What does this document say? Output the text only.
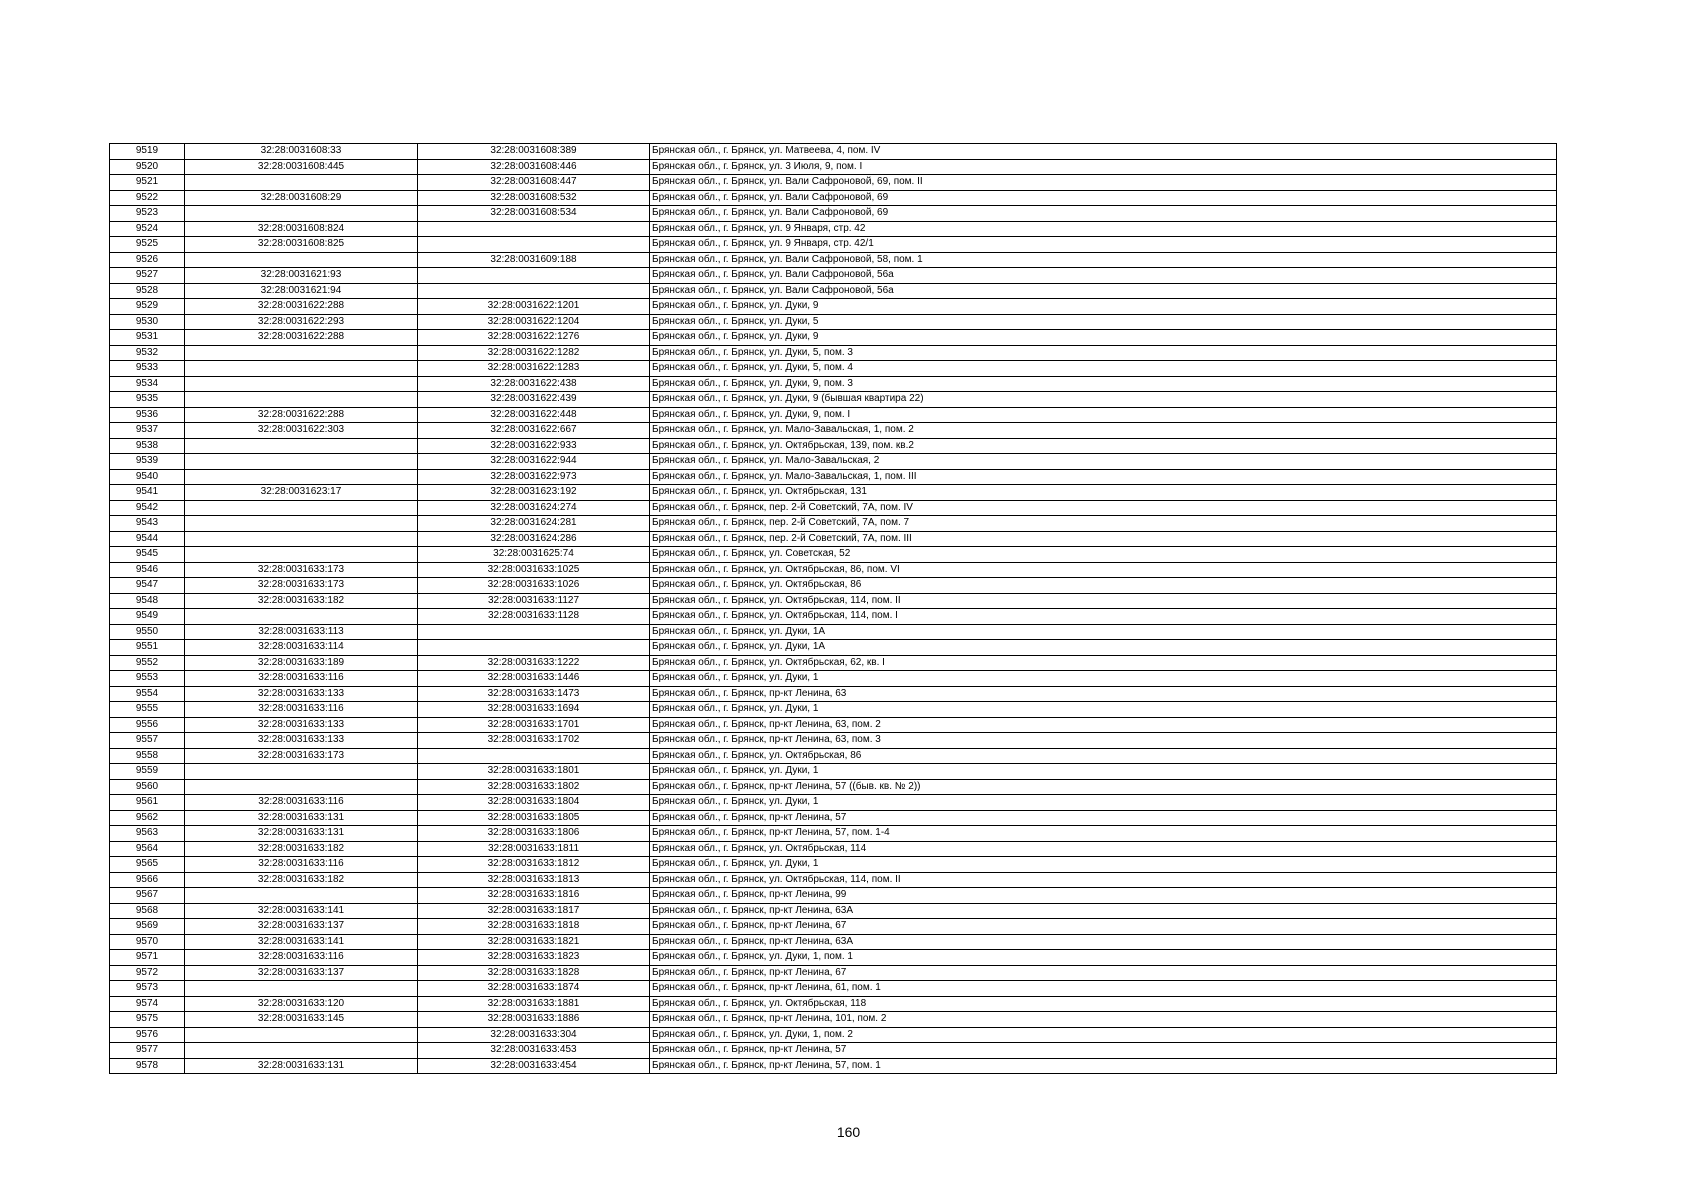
9519	32:28:0031608:33	32:28:0031608:389	Брянская обл., г. Брянск, ул. Матвеева, 4, пом. IV
9520	32:28:0031608:445	32:28:0031608:446	Брянская обл., г. Брянск, ул. 3 Июля, 9, пом. I
9521		32:28:0031608:447	Брянская обл., г. Брянск, ул. Вали Сафроновой, 69, пом. II
9522	32:28:0031608:29	32:28:0031608:532	Брянская обл., г. Брянск, ул. Вали Сафроновой, 69
9523		32:28:0031608:534	Брянская обл., г. Брянск, ул. Вали Сафроновой, 69
9524	32:28:0031608:824		Брянская обл., г. Брянск, ул. 9 Января, стр. 42
9525	32:28:0031608:825		Брянская обл., г. Брянск, ул. 9 Января, стр. 42/1
9526		32:28:0031609:188	Брянская обл., г. Брянск, ул. Вали Сафроновой, 58, пом. 1
9527	32:28:0031621:93		Брянская обл., г. Брянск, ул. Вали Сафроновой, 56а
9528	32:28:0031621:94		Брянская обл., г. Брянск, ул. Вали Сафроновой, 56а
9529	32:28:0031622:288	32:28:0031622:1201	Брянская обл., г. Брянск, ул. Дуки, 9
9530	32:28:0031622:293	32:28:0031622:1204	Брянская обл., г. Брянск, ул. Дуки, 5
9531	32:28:0031622:288	32:28:0031622:1276	Брянская обл., г. Брянск, ул. Дуки, 9
9532		32:28:0031622:1282	Брянская обл., г. Брянск, ул. Дуки, 5, пом. 3
9533		32:28:0031622:1283	Брянская обл., г. Брянск, ул. Дуки, 5, пом. 4
9534		32:28:0031622:438	Брянская обл., г. Брянск, ул. Дуки, 9, пом. 3
9535		32:28:0031622:439	Брянская обл., г. Брянск, ул. Дуки, 9 (бывшая квартира 22)
9536	32:28:0031622:288	32:28:0031622:448	Брянская обл., г. Брянск, ул. Дуки, 9, пом. I
9537	32:28:0031622:303	32:28:0031622:667	Брянская обл., г. Брянск, ул. Мало-Завальская, 1, пом. 2
9538		32:28:0031622:933	Брянская обл., г. Брянск, ул. Октябрьская, 139, пом. кв.2
9539		32:28:0031622:944	Брянская обл., г. Брянск, ул. Мало-Завальская, 2
9540		32:28:0031622:973	Брянская обл., г. Брянск, ул. Мало-Завальская, 1, пом. III
9541	32:28:0031623:17	32:28:0031623:192	Брянская обл., г. Брянск, ул. Октябрьская, 131
9542		32:28:0031624:274	Брянская обл., г. Брянск, пер. 2-й Советский, 7А, пом. IV
9543		32:28:0031624:281	Брянская обл., г. Брянск, пер. 2-й Советский, 7А, пом. 7
9544		32:28:0031624:286	Брянская обл., г. Брянск, пер. 2-й Советский, 7А, пом. III
9545		32:28:0031625:74	Брянская обл., г. Брянск, ул. Советская, 52
9546	32:28:0031633:173	32:28:0031633:1025	Брянская обл., г. Брянск, ул. Октябрьская, 86, пом. VI
9547	32:28:0031633:173	32:28:0031633:1026	Брянская обл., г. Брянск, ул. Октябрьская, 86
9548	32:28:0031633:182	32:28:0031633:1127	Брянская обл., г. Брянск, ул. Октябрьская, 114, пом. II
9549		32:28:0031633:1128	Брянская обл., г. Брянск, ул. Октябрьская, 114, пом. I
9550	32:28:0031633:113		Брянская обл., г. Брянск, ул. Дуки, 1А
9551	32:28:0031633:114		Брянская обл., г. Брянск, ул. Дуки, 1А
9552	32:28:0031633:189	32:28:0031633:1222	Брянская обл., г. Брянск, ул. Октябрьская, 62, кв. I
9553	32:28:0031633:116	32:28:0031633:1446	Брянская обл., г. Брянск, ул. Дуки, 1
9554	32:28:0031633:133	32:28:0031633:1473	Брянская обл., г. Брянск, пр-кт Ленина, 63
9555	32:28:0031633:116	32:28:0031633:1694	Брянская обл., г. Брянск, ул. Дуки, 1
9556	32:28:0031633:133	32:28:0031633:1701	Брянская обл., г. Брянск, пр-кт Ленина, 63, пом. 2
9557	32:28:0031633:133	32:28:0031633:1702	Брянская обл., г. Брянск, пр-кт Ленина, 63, пом. 3
9558	32:28:0031633:173		Брянская обл., г. Брянск, ул. Октябрьская, 86
9559		32:28:0031633:1801	Брянская обл., г. Брянск, ул. Дуки, 1
9560		32:28:0031633:1802	Брянская обл., г. Брянск, пр-кт Ленина, 57 ((быв. кв. № 2))
9561	32:28:0031633:116	32:28:0031633:1804	Брянская обл., г. Брянск, ул. Дуки, 1
9562	32:28:0031633:131	32:28:0031633:1805	Брянская обл., г. Брянск, пр-кт Ленина, 57
9563	32:28:0031633:131	32:28:0031633:1806	Брянская обл., г. Брянск, пр-кт Ленина, 57, пом. 1-4
9564	32:28:0031633:182	32:28:0031633:1811	Брянская обл., г. Брянск, ул. Октябрьская, 114
9565	32:28:0031633:116	32:28:0031633:1812	Брянская обл., г. Брянск, ул. Дуки, 1
9566	32:28:0031633:182	32:28:0031633:1813	Брянская обл., г. Брянск, ул. Октябрьская, 114, пом. II
9567		32:28:0031633:1816	Брянская обл., г. Брянск, пр-кт Ленина, 99
9568	32:28:0031633:141	32:28:0031633:1817	Брянская обл., г. Брянск, пр-кт Ленина, 63А
9569	32:28:0031633:137	32:28:0031633:1818	Брянская обл., г. Брянск, пр-кт Ленина, 67
9570	32:28:0031633:141	32:28:0031633:1821	Брянская обл., г. Брянск, пр-кт Ленина, 63А
9571	32:28:0031633:116	32:28:0031633:1823	Брянская обл., г. Брянск, ул. Дуки, 1, пом. 1
9572	32:28:0031633:137	32:28:0031633:1828	Брянская обл., г. Брянск, пр-кт Ленина, 67
9573		32:28:0031633:1874	Брянская обл., г. Брянск, пр-кт Ленина, 61, пом. 1
9574	32:28:0031633:120	32:28:0031633:1881	Брянская обл., г. Брянск, ул. Октябрьская, 118
9575	32:28:0031633:145	32:28:0031633:1886	Брянская обл., г. Брянск, пр-кт Ленина, 101, пом. 2
9576		32:28:0031633:304	Брянская обл., г. Брянск, ул. Дуки, 1, пом. 2
9577		32:28:0031633:453	Брянская обл., г. Брянск, пр-кт Ленина, 57
9578	32:28:0031633:131	32:28:0031633:454	Брянская обл., г. Брянск, пр-кт Ленина, 57, пом. 1
160
